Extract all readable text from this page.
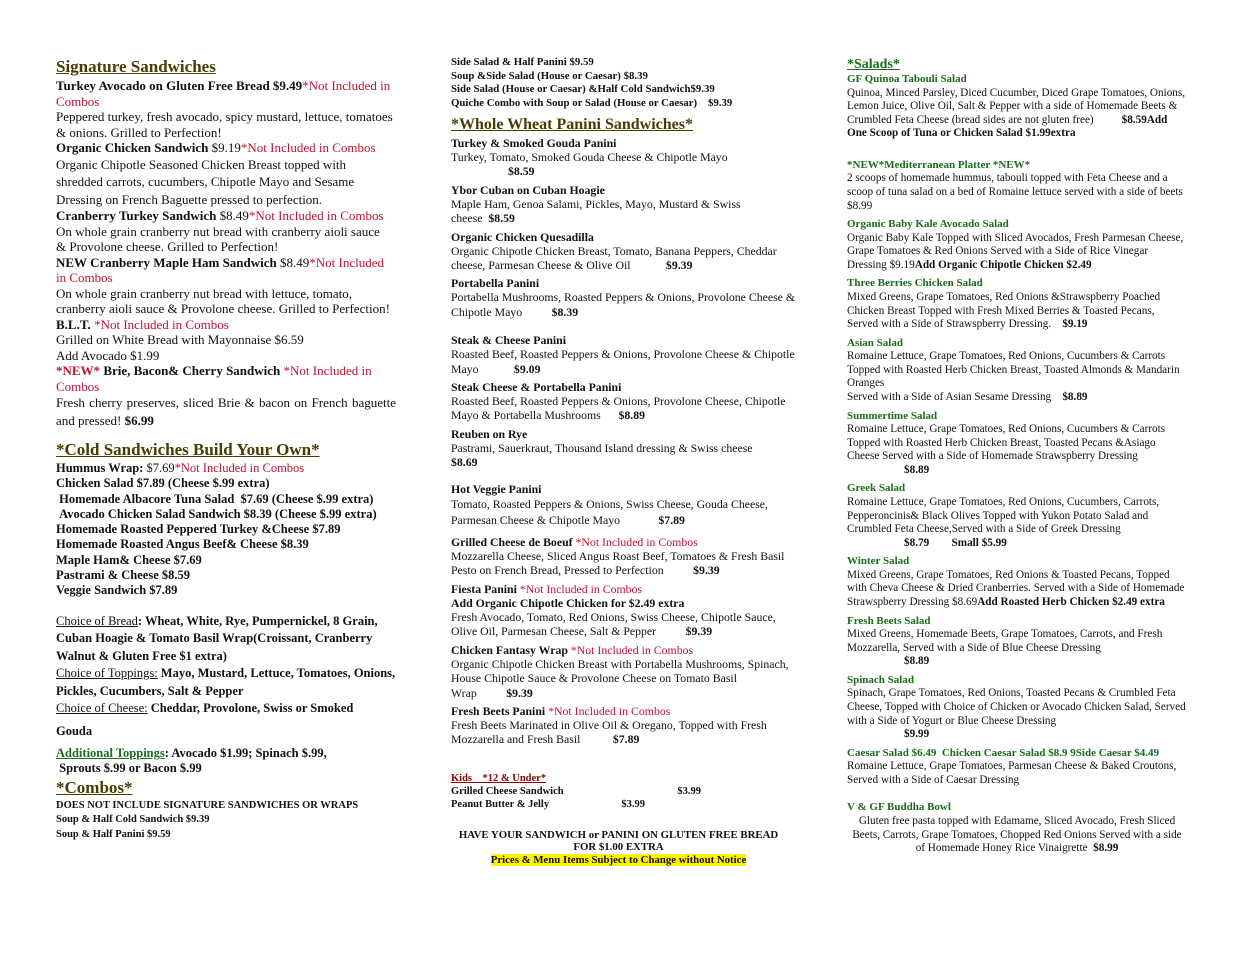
Signature Sandwiches
Turkey Avocado on Gluten Free Bread $9.49*Not Included in Combos
Peppered turkey, fresh avocado, spicy mustard, lettuce, tomatoes & onions. Grilled to Perfection!
Organic Chicken Sandwich $9.19*Not Included in Combos
Organic Chipotle Seasoned Chicken Breast topped with shredded carrots, cucumbers, Chipotle Mayo and Sesame Dressing on French Baguette pressed to perfection.
Cranberry Turkey Sandwich $8.49*Not Included in Combos
On whole grain cranberry nut bread with cranberry aioli sauce
& Provolone cheese. Grilled to Perfection!
NEW Cranberry Maple Ham Sandwich $8.49*Not Included in Combos
On whole grain cranberry nut bread with lettuce, tomato, cranberry aioli sauce & Provolone cheese. Grilled to Perfection!
B.L.T. *Not Included in Combos
Grilled on White Bread with Mayonnaise $6.59
Add Avocado $1.99
*NEW* Brie, Bacon& Cherry Sandwich *Not Included in Combos
Fresh cherry preserves, sliced Brie & bacon on French baguette and pressed! $6.99
*Cold Sandwiches Build Your Own*
Hummus Wrap: $7.69*Not Included in Combos
Chicken Salad $7.89 (Cheese $.99 extra)
Homemade Albacore Tuna Salad  $7.69 (Cheese $.99 extra)
Avocado Chicken Salad Sandwich $8.39 (Cheese $.99 extra)
Homemade Roasted Peppered Turkey &Cheese $7.89
Homemade Roasted Angus Beef& Cheese $8.39
Maple Ham& Cheese $7.69
Pastrami & Cheese $8.59
Veggie Sandwich $7.89
Choice of Bread: Wheat, White, Rye, Pumpernickel, 8 Grain, Cuban Hoagie & Tomato Basil Wrap(Croissant, Cranberry Walnut & Gluten Free $1 extra)
Choice of Toppings: Mayo, Mustard, Lettuce, Tomatoes, Onions, Pickles, Cucumbers, Salt & Pepper
Choice of Cheese: Cheddar, Provolone, Swiss or Smoked
Gouda
Additional Toppings: Avocado $1.99; Spinach $.99,
Sprouts $.99 or Bacon $.99
*Combos*
DOES NOT INCLUDE SIGNATURE SANDWICHES OR WRAPS
Soup & Half Cold Sandwich $9.39
Soup & Half Panini $9.59
Side Salad & Half Panini $9.59
Soup &Side Salad (House or Caesar) $8.39
Side Salad (House or Caesar) &Half Cold Sandwich$9.39
Quiche Combo with Soup or Salad (House or Caesar)    $9.39
*Whole Wheat Panini Sandwiches*
Turkey & Smoked Gouda Panini
Turkey, Tomato, Smoked Gouda Cheese & Chipotle Mayo
$8.59
Ybor Cuban on Cuban Hoagie
Maple Ham, Genoa Salami, Pickles, Mayo, Mustard & Swiss cheese $8.59
Organic Chicken Quesadilla
Organic Chipotle Chicken Breast, Tomato, Banana Peppers, Cheddar cheese, Parmesan Cheese & Olive Oil	$9.39
Portabella Panini
Portabella Mushrooms, Roasted Peppers & Onions, Provolone Cheese & Chipotle Mayo	$8.39
Steak & Cheese Panini
Roasted Beef, Roasted Peppers & Onions, Provolone Cheese & Chipotle Mayo	$9.09
Steak Cheese & Portabella Panini
Roasted Beef, Roasted Peppers & Onions, Provolone Cheese, Chipotle Mayo & Portabella Mushrooms $8.89
Reuben on Rye
Pastrami, Sauerkraut, Thousand Island dressing & Swiss cheese
$8.69
Hot Veggie Panini
Tomato, Roasted Peppers & Onions, Swiss Cheese, Gouda Cheese, Parmesan Cheese & Chipotle Mayo	$7.89
Grilled Cheese de Boeuf *Not Included in Combos
Mozzarella Cheese, Sliced Angus Roast Beef, Tomatoes & Fresh Basil Pesto on French Bread, Pressed to Perfection	$9.39
Fiesta Panini *Not Included in Combos
Add Organic Chipotle Chicken for $2.49 extra
Fresh Avocado, Tomato, Red Onions, Swiss Cheese, Chipotle Sauce, Olive Oil, Parmesan Cheese, Salt & Pepper	$9.39
Chicken Fantasy Wrap *Not Included in Combos
Organic Chipotle Chicken Breast with Portabella Mushrooms, Spinach, House Chipotle Sauce & Provolone Cheese on Tomato Basil Wrap	$9.39
Fresh Beets Panini *Not Included in Combos
Fresh Beets Marinated in Olive Oil & Oregano, Topped with Fresh Mozzarella and Fresh Basil	$7.89
Kids    *12 & Under*
Grilled Cheese Sandwich	$3.99
Peanut Butter & Jelly	$3.99
HAVE YOUR SANDWICH or PANINI ON GLUTEN FREE BREAD
FOR $1.00 EXTRA
Prices & Menu Items Subject to Change without Notice
*Salads*
GF Quinoa Tabouli Salad
Quinoa, Minced Parsley, Diced Cucumber, Diced Grape Tomatoes, Onions, Lemon Juice, Olive Oil, Salt & Pepper with a side of Homemade Beets & Crumbled Feta Cheese (bread sides are not gluten free) $8.59Add One Scoop of Tuna or Chicken Salad $1.99extra
*NEW*Mediterranean Platter *NEW*
2 scoops of homemade hummus, tabouli topped with Feta Cheese and a scoop of tuna salad on a bed of Romaine lettuce served with a side of beets $8.99
Organic Baby Kale Avocado Salad
Organic Baby Kale Topped with Sliced Avocados, Fresh Parmesan Cheese, Grape Tomatoes & Red Onions Served with a Side of Rice Vinegar Dressing $9.19Add Organic Chipotle Chicken $2.49
Three Berries Chicken Salad
Mixed Greens, Grape Tomatoes, Red Onions &Strawspberry Poached Chicken Breast Topped with Fresh Mixed Berries & Toasted Pecans, Served with a Side of Strawspberry Dressing. $9.19
Asian Salad
Romaine Lettuce, Grape Tomatoes, Red Onions, Cucumbers & Carrots Topped with Roasted Herb Chicken Breast, Toasted Almonds & Mandarin Oranges
Served with a Side of Asian Sesame Dressing $8.89
Summertime Salad
Romaine Lettuce, Grape Tomatoes, Red Onions, Cucumbers & Carrots Topped with Roasted Herb Chicken Breast, Toasted Pecans &Asiago Cheese Served with a Side of Homemade Strawspberry Dressing
$8.89
Greek Salad
Romaine Lettuce, Grape Tomatoes, Red Onions, Cucumbers, Carrots, Pepperoncinis& Black Olives Topped with Yukon Potato Salad and Crumbled Feta Cheese,Served with a Side of Greek Dressing
$8.79 Small $5.99
Winter Salad
Mixed Greens, Grape Tomatoes, Red Onions & Toasted Pecans, Topped with Cheva Cheese & Dried Cranberries. Served with a Side of Homemade Strawspberry Dressing $8.69Add Roasted Herb Chicken $2.49 extra
Fresh Beets Salad
Mixed Greens, Homemade Beets, Grape Tomatoes, Carrots, and Fresh Mozzarella, Served with a Side of Blue Cheese Dressing
$8.89
Spinach Salad
Spinach, Grape Tomatoes, Red Onions, Toasted Pecans & Crumbled Feta Cheese, Topped with Choice of Chicken or Avocado Chicken Salad, Served with a Side of Yogurt or Blue Cheese Dressing
$9.99
Caesar Salad $6.49  Chicken Caesar Salad $8.9 9Side Caesar $4.49
Romaine Lettuce, Grape Tomatoes, Parmesan Cheese & Baked Croutons, Served with a Side of Caesar Dressing
V & GF Buddha Bowl
Gluten free pasta topped with Edamame, Sliced Avocado, Fresh Sliced Beets, Carrots, Grape Tomatoes, Chopped Red Onions Served with a side of Homemade Honey Rice Vinaigrette $8.99
